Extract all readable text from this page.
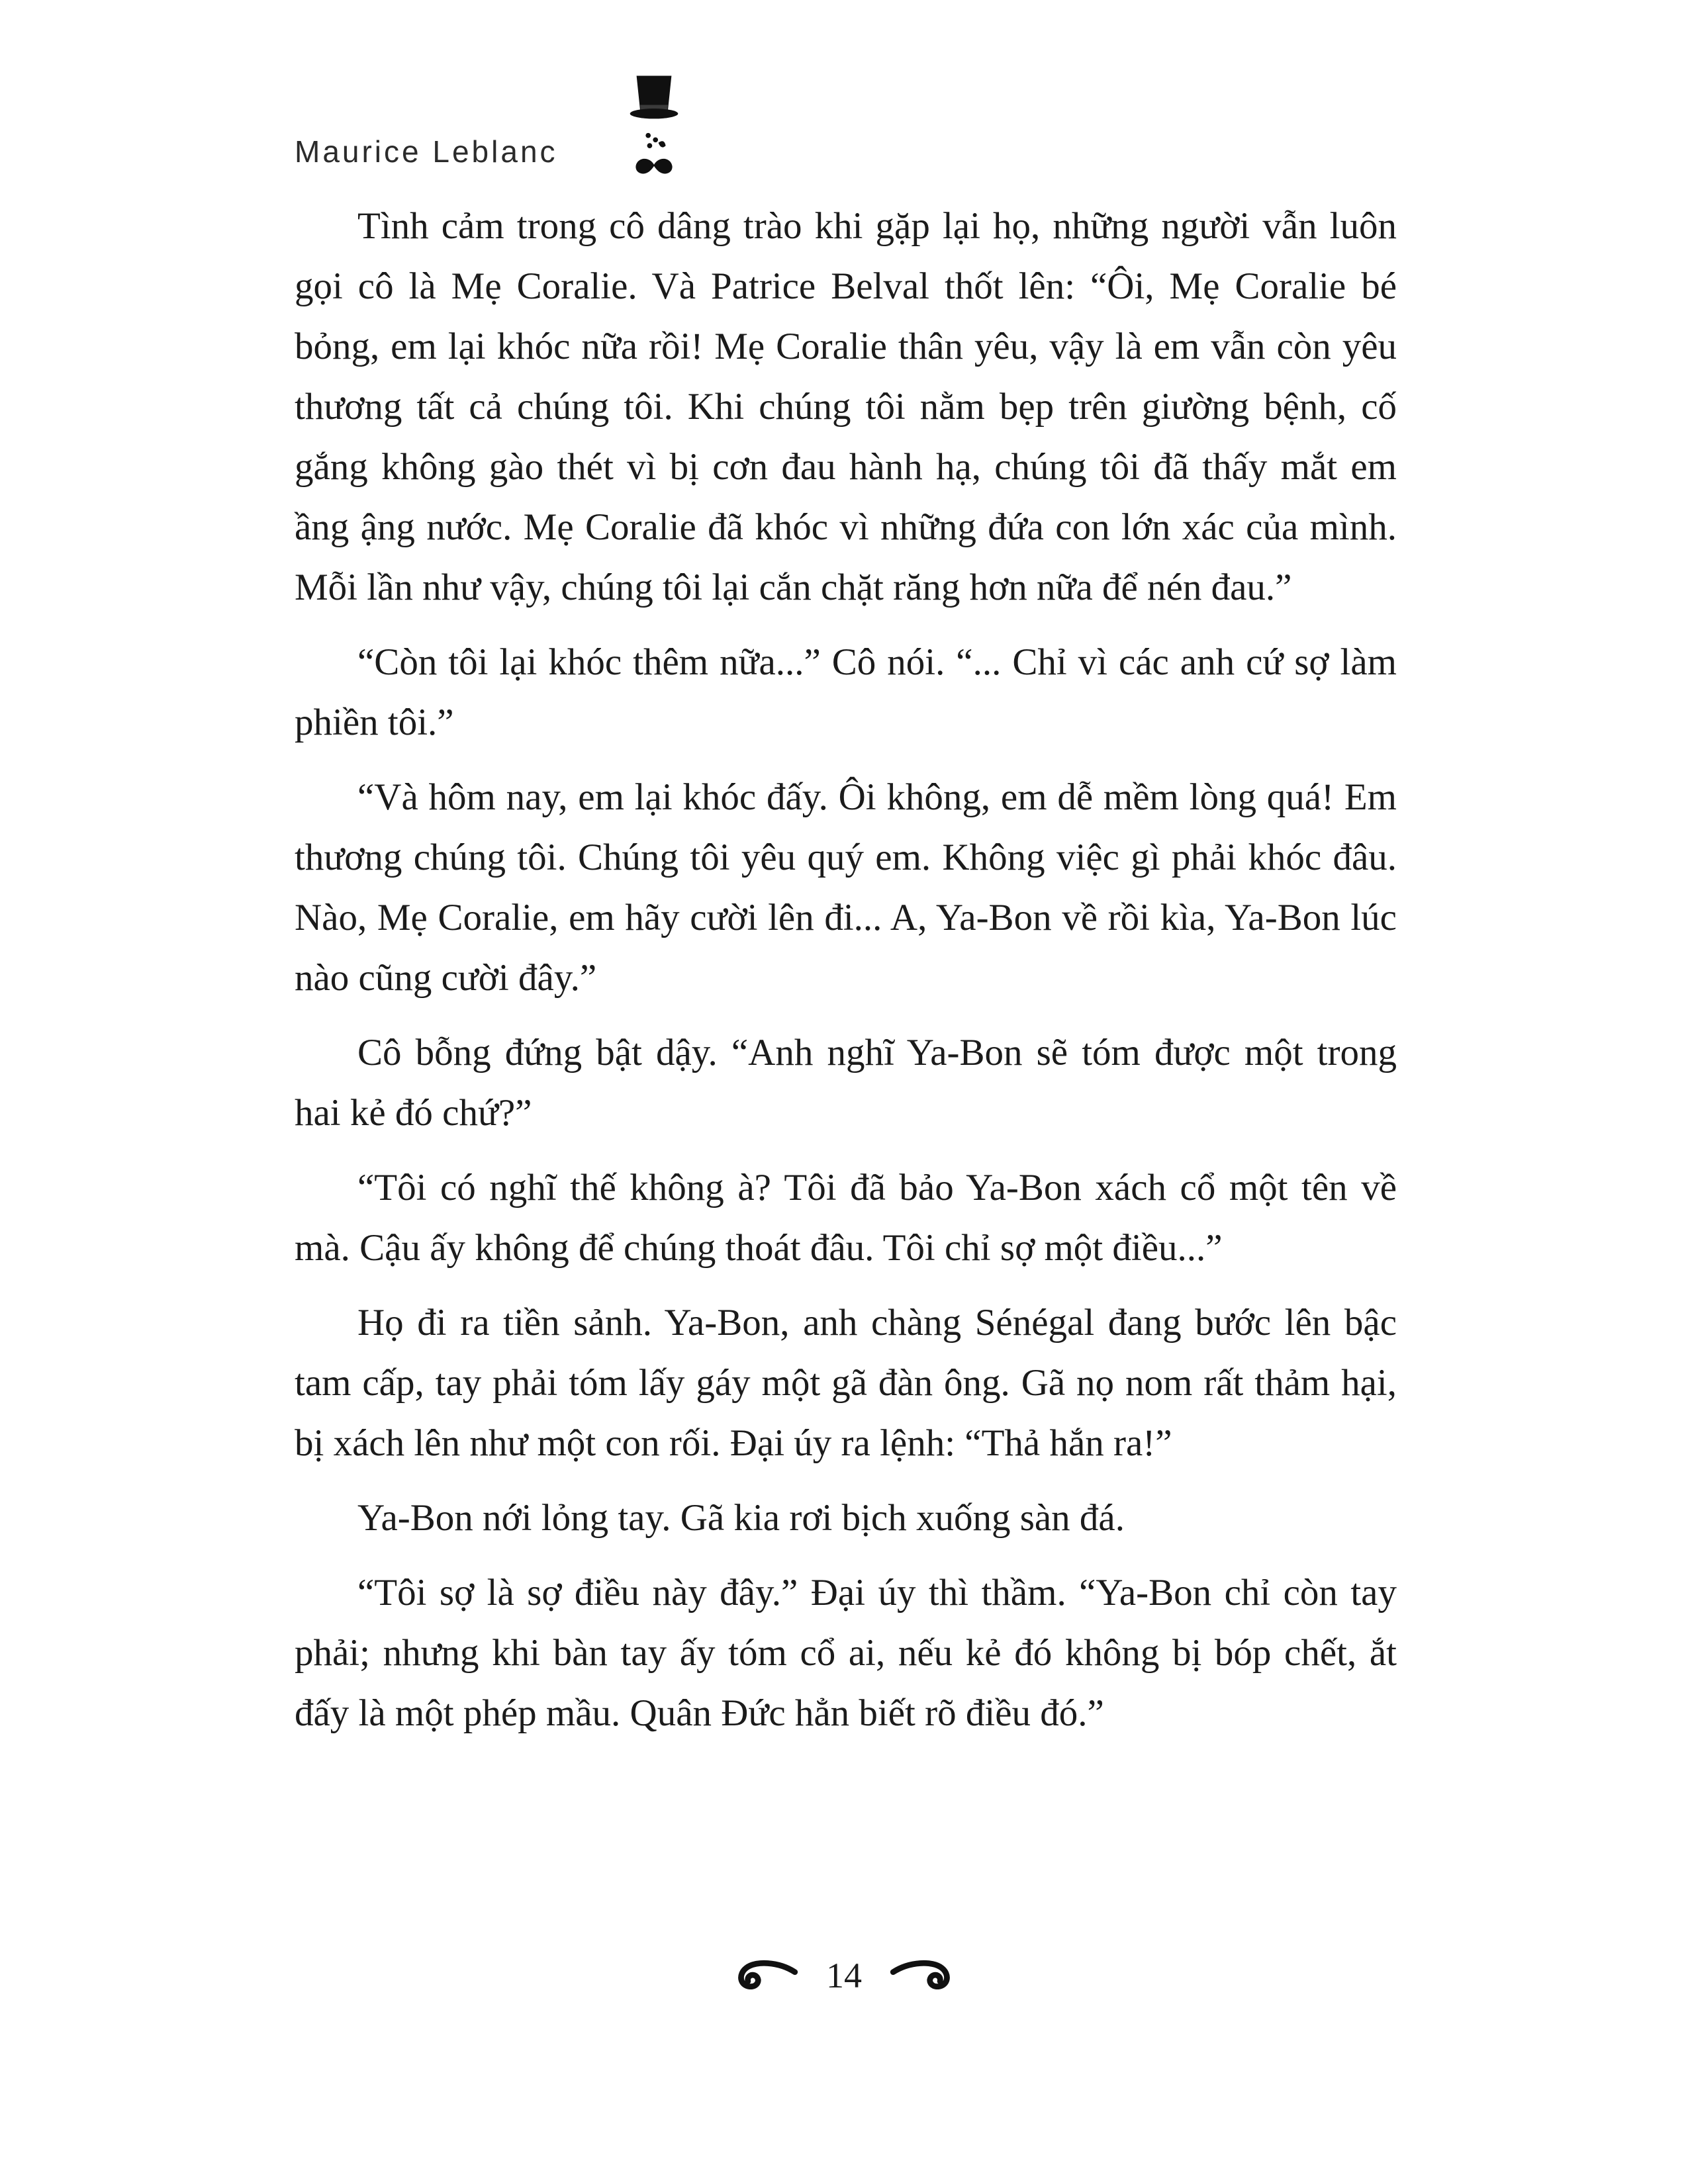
Maurice Leblanc

Tình cảm trong cô dâng trào khi gặp lại họ, những người vẫn luôn gọi cô là Mẹ Coralie. Và Patrice Belval thốt lên: “Ôi, Mẹ Coralie bé bỏng, em lại khóc nữa rồi! Mẹ Coralie thân yêu, vậy là em vẫn còn yêu thương tất cả chúng tôi. Khi chúng tôi nằm bẹp trên giường bệnh, cố gắng không gào thét vì bị cơn đau hành hạ, chúng tôi đã thấy mắt em ầng ậng nước. Mẹ Coralie đã khóc vì những đứa con lớn xác của mình. Mỗi lần như vậy, chúng tôi lại cắn chặt răng hơn nữa để nén đau.”

“Còn tôi lại khóc thêm nữa...” Cô nói. “... Chỉ vì các anh cứ sợ làm phiền tôi.”

“Và hôm nay, em lại khóc đấy. Ôi không, em dễ mềm lòng quá! Em thương chúng tôi. Chúng tôi yêu quý em. Không việc gì phải khóc đâu. Nào, Mẹ Coralie, em hãy cười lên đi... A, Ya-Bon về rồi kìa, Ya-Bon lúc nào cũng cười đây.”

Cô bỗng đứng bật dậy. “Anh nghĩ Ya-Bon sẽ tóm được một trong hai kẻ đó chứ?”

“Tôi có nghĩ thế không à? Tôi đã bảo Ya-Bon xách cổ một tên về mà. Cậu ấy không để chúng thoát đâu. Tôi chỉ sợ một điều...”

Họ đi ra tiền sảnh. Ya-Bon, anh chàng Sénégal đang bước lên bậc tam cấp, tay phải tóm lấy gáy một gã đàn ông. Gã nọ nom rất thảm hại, bị xách lên như một con rối. Đại úy ra lệnh: “Thả hắn ra!”

Ya-Bon nới lỏng tay. Gã kia rơi bịch xuống sàn đá.

“Tôi sợ là sợ điều này đây.” Đại úy thì thầm. “Ya-Bon chỉ còn tay phải; nhưng khi bàn tay ấy tóm cổ ai, nếu kẻ đó không bị bóp chết, ắt đấy là một phép mầu. Quân Đức hẳn biết rõ điều đó.”

14
